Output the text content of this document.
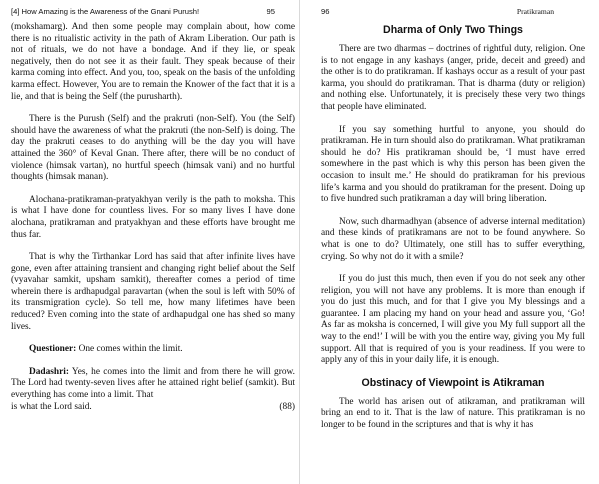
[4] How Amazing is the Awareness of the Gnani Purush!	95

(mokshamarg). And then some people may complain about, how come there is no ritualistic activity in the path of Akram Liberation. Our path is not of rituals, we do not have a bondage. And if they lie, or speak negatively, then do not see it as their fault. They speak because of their karma coming into effect. And you, too, speak on the basis of the unfolding karma effect. However, You are to remain the Knower of the fact that it is a lie, and that is being the Self (the purusharth).

There is the Purush (Self) and the prakruti (non-Self). You (the Self) should have the awareness of what the prakruti (the non-Self) is doing. The day the prakruti ceases to do anything will be the day you will have attained the 360° of Keval Gnan. There after, there will be no conduct of violence (himsak vartan), no hurtful speech (himsak vani) and no hurtful thoughts (himsak manan).

Alochana-pratikraman-pratyakhyan verily is the path to moksha. This is what I have done for countless lives. For so many lives I have done alochana, pratikraman and pratyakhyan and these efforts have brought me thus far.

That is why the Tirthankar Lord has said that after infinite lives have gone, even after attaining transient and changing right belief about the Self (vyavahar samkit, upsham samkit), thereafter comes a period of time wherein there is ardhapudgal paravartan (when the soul is left with 50% of its transmigration cycle). So tell me, how many lifetimes have been reduced? Even coming into the state of ardhapudgal one has shed so many lives.

Questioner: One comes within the limit.

Dadashri: Yes, he comes into the limit and from there he will grow. The Lord had twenty-seven lives after he attained right belief (samkit). But everything has come into a limit. That

is what the Lord said.	(88)
96	Pratikraman
Dharma of Only Two Things

There are two dharmas – doctrines of rightful duty, religion. One is to not engage in any kashays (anger, pride, deceit and greed) and the other is to do pratikraman. If kashays occur as a result of your past karma, you should do pratikraman. That is dharma (duty or religion) and nothing else. Unfortunately, it is precisely these very two things that people have eliminated.

If you say something hurtful to anyone, you should do pratikraman. He in turn should also do pratikraman. What pratikraman should he do? His pratikraman should be, ‘I must have erred somewhere in the past which is why this person has been given the occasion to insult me.’ He should do pratikraman for his previous life’s karma and you should do pratikraman for the present. Doing up to five hundred such pratikraman a day will bring liberation.

Now, such dharmadhyan (absence of adverse internal meditation) and these kinds of pratikramans are not to be found anywhere. So what is one to do? Ultimately, one still has to suffer everything, crying. So why not do it with a smile?

If you do just this much, then even if you do not seek any other religion, you will not have any problems. It is more than enough if you do just this much, and for that I give you My blessings and a guarantee. I am placing my hand on your head and assure you, ‘Go! As far as moksha is concerned, I will give you My full support all the way to the end!’ I will be with you the entire way, giving you My full support. All that is required of you is your readiness. If you were to apply any of this in your daily life, it is enough.

Obstinacy of Viewpoint is Atikraman

The world has arisen out of atikraman, and pratikraman will bring an end to it. That is the law of nature. This pratikraman is no longer to be found in the scriptures and that is why it has
